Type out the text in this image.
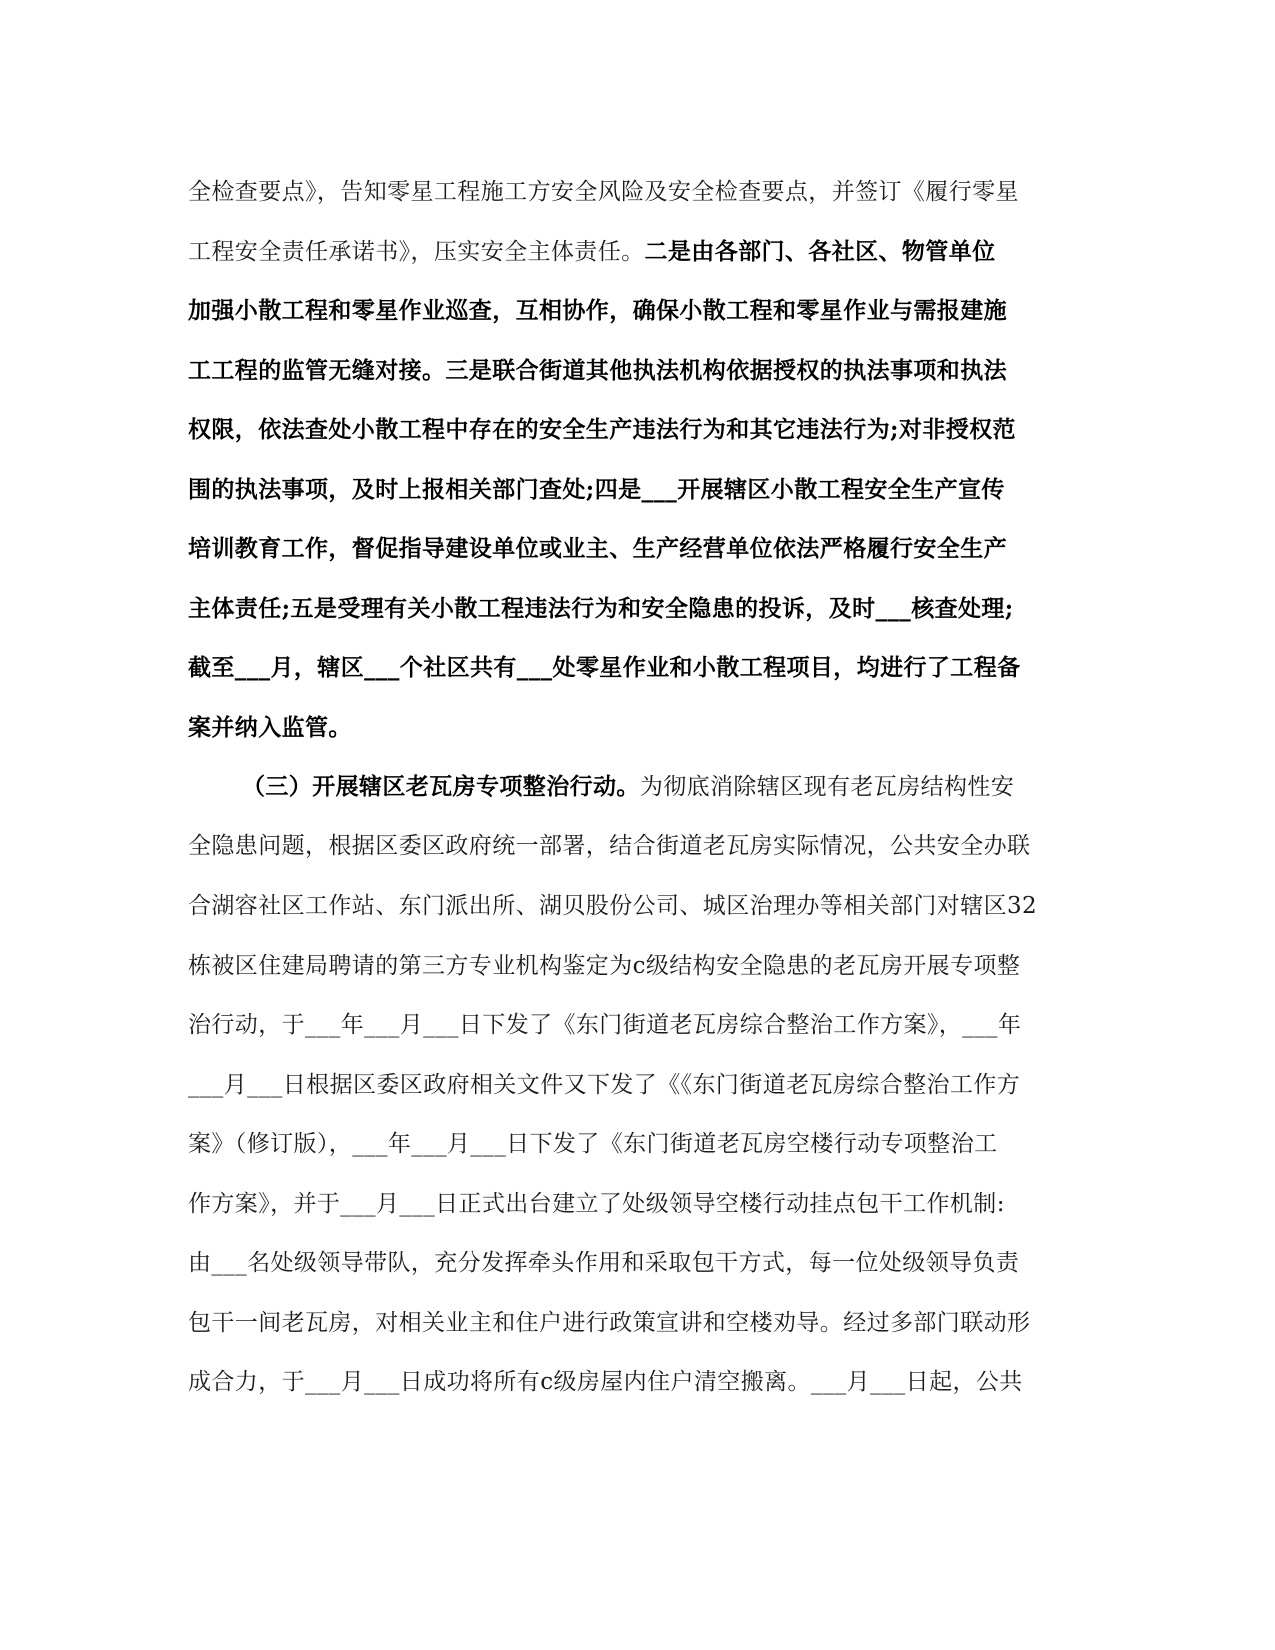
全检查要点》，告知零星工程施工方安全风险及安全检查要点，并签订《履行零星
工程安全责任承诺书》，压实安全主体责任。二是由各部门、各社区、物管单位
加强小散工程和零星作业巡查，互相协作，确保小散工程和零星作业与需报建施
工工程的监管无缝对接。三是联合街道其他执法机构依据授权的执法事项和执法
权限，依法查处小散工程中存在的安全生产违法行为和其它违法行为;对非授权范
围的执法事项，及时上报相关部门查处;四是___开展辖区小散工程安全生产宣传
培训教育工作，督促指导建设单位或业主、生产经营单位依法严格履行安全生产
主体责任;五是受理有关小散工程违法行为和安全隐患的投诉，及时___核查处理;
截至___月，辖区___个社区共有___处零星作业和小散工程项目，均进行了工程备
案并纳入监管。
（三）开展辖区老瓦房专项整治行动。为彻底消除辖区现有老瓦房结构性安
全隐患问题，根据区委区政府统一部署，结合街道老瓦房实际情况，公共安全办联
合湖容社区工作站、东门派出所、湖贝股份公司、城区治理办等相关部门对辖区32
栋被区住建局聘请的第三方专业机构鉴定为c级结构安全隐患的老瓦房开展专项整
治行动，于___年___月___日下发了《东门街道老瓦房综合整治工作方案》，___年
___月___日根据区委区政府相关文件又下发了《《东门街道老瓦房综合整治工作方
案》（修订版），___年___月___日下发了《东门街道老瓦房空楼行动专项整治工
作方案》，并于___月___日正式出台建立了处级领导空楼行动挂点包干工作机制:
由___名处级领导带队，充分发挥牵头作用和采取包干方式，每一位处级领导负责
包干一间老瓦房，对相关业主和住户进行政策宣讲和空楼劝导。经过多部门联动形
成合力，于___月___日成功将所有c级房屋内住户清空搬离。___月___日起，公共
